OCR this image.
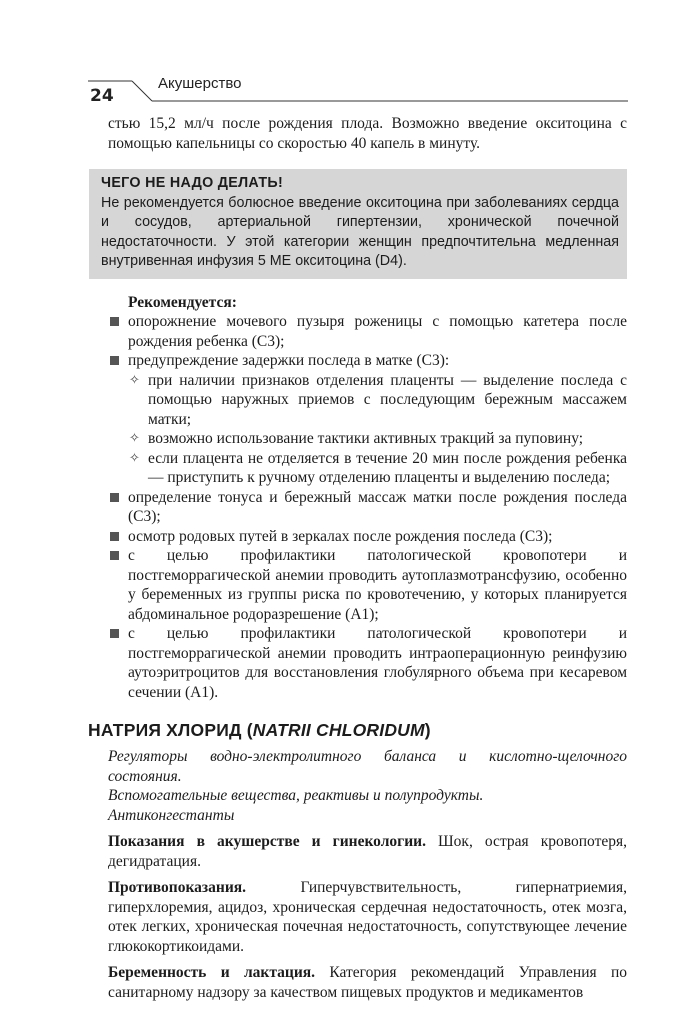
24
Акушерство

стью 15,2 мл/ч после рождения плода. Возможно введение окситоцина с помощью капельницы со скоростью 40 капель в минуту.

ЧЕГО НЕ НАДО ДЕЛАТЬ!
Не рекомендуется болюсное введение окситоцина при заболеваниях сердца и сосудов, артериальной гипертензии, хронической почечной недостаточности. У этой категории женщин предпочтительна медленная внутривенная инфузия 5 МЕ окситоцина (D4).
Рекомендуется:
опорожнение мочевого пузыря роженицы с помощью катетера после рождения ребенка (С3);
предупреждение задержки последа в матке (С3):
✧ при наличии признаков отделения плаценты — выделение последа с помощью наружных приемов с последующим бережным массажем матки;
✧ возможно использование тактики активных тракций за пуповину;
✧ если плацента не отделяется в течение 20 мин после рождения ребенка — приступить к ручному отделению плаценты и выделению последа;
определение тонуса и бережный массаж матки после рождения последа (С3);
осмотр родовых путей в зеркалах после рождения последа (С3);
с целью профилактики патологической кровопотери и постгеморрагической анемии проводить аутоплазмотрансфузию, особенно у беременных из группы риска по кровотечению, у которых планируется абдоминальное родоразрешение (А1);
с целью профилактики патологической кровопотери и постгеморрагической анемии проводить интраоперационную реинфузию аутоэритроцитов для восстановления глобулярного объема при кесаревом сечении (А1).
НАТРИЯ ХЛОРИД (NATRII CHLORIDUM)
Регуляторы водно-электролитного баланса и кислотно-щелочного состояния.
Вспомогательные вещества, реактивы и полупродукты.
Антиконгестанты

Показания в акушерстве и гинекологии. Шок, острая кровопотеря, дегидратация.

Противопоказания. Гиперчувствительность, гипернатриемия, гиперхлоремия, ацидоз, хроническая сердечная недостаточность, отек мозга, отек легких, хроническая почечная недостаточность, сопутствующее лечение глюкокортикоидами.

Беременность и лактация. Категория рекомендаций Управления по санитарному надзору за качеством пищевых продуктов и медикаментов
